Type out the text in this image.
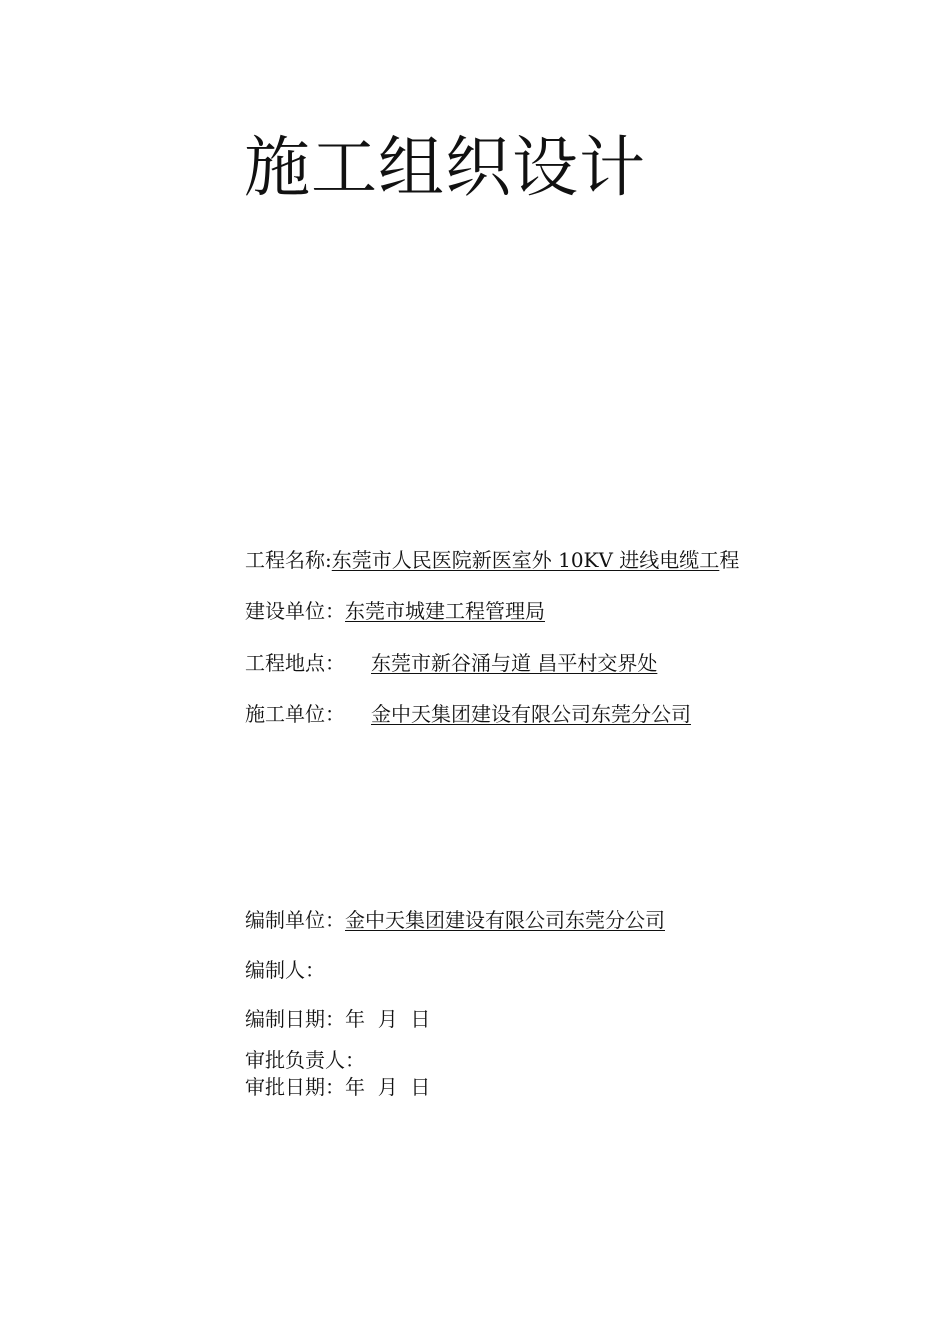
施工组织设计
工程名称:东莞市人民医院新医室外 10KV 进线电缆工程
建设单位：东莞市城建工程管理局
工程地点： 东莞市新谷涌与道 昌平村交界处
施工单位： 金中天集团建设有限公司东莞分公司
编制单位：金中天集团建设有限公司东莞分公司
编制人：
编制日期：年  月  日
审批负责人：
审批日期：年  月  日
